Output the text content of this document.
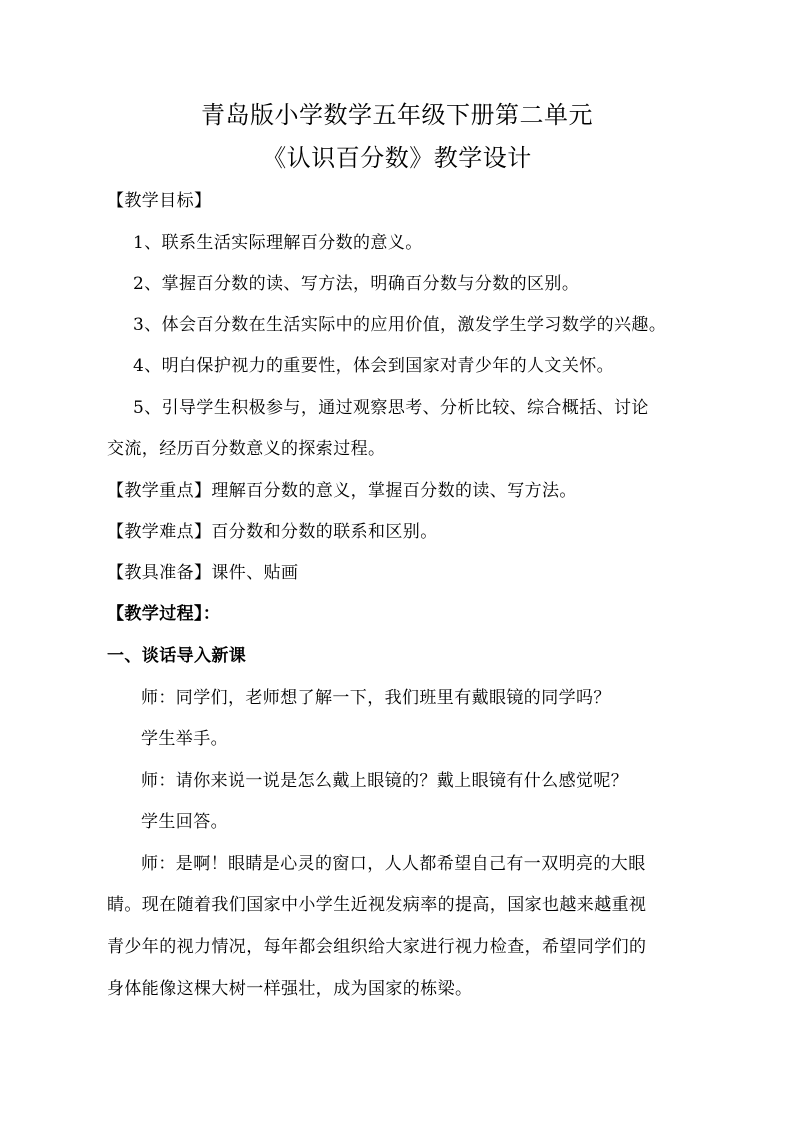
青岛版小学数学五年级下册第二单元
《认识百分数》教学设计
【教学目标】
1、联系生活实际理解百分数的意义。
2、掌握百分数的读、写方法，明确百分数与分数的区别。
3、体会百分数在生活实际中的应用价值，激发学生学习数学的兴趣。
4、明白保护视力的重要性，体会到国家对青少年的人文关怀。
5、引导学生积极参与，通过观察思考、分析比较、综合概括、讨论
交流，经历百分数意义的探索过程。
【教学重点】理解百分数的意义，掌握百分数的读、写方法。
【教学难点】百分数和分数的联系和区别。
【教具准备】课件、贴画
【教学过程】：
一、谈话导入新课
师：同学们，老师想了解一下，我们班里有戴眼镜的同学吗？
学生举手。
师：请你来说一说是怎么戴上眼镜的？戴上眼镜有什么感觉呢？
学生回答。
师：是啊！眼睛是心灵的窗口，人人都希望自己有一双明亮的大眼
睛。现在随着我们国家中小学生近视发病率的提高，国家也越来越重视
青少年的视力情况，每年都会组织给大家进行视力检查，希望同学们的
身体能像这棵大树一样强壮，成为国家的栋梁。
